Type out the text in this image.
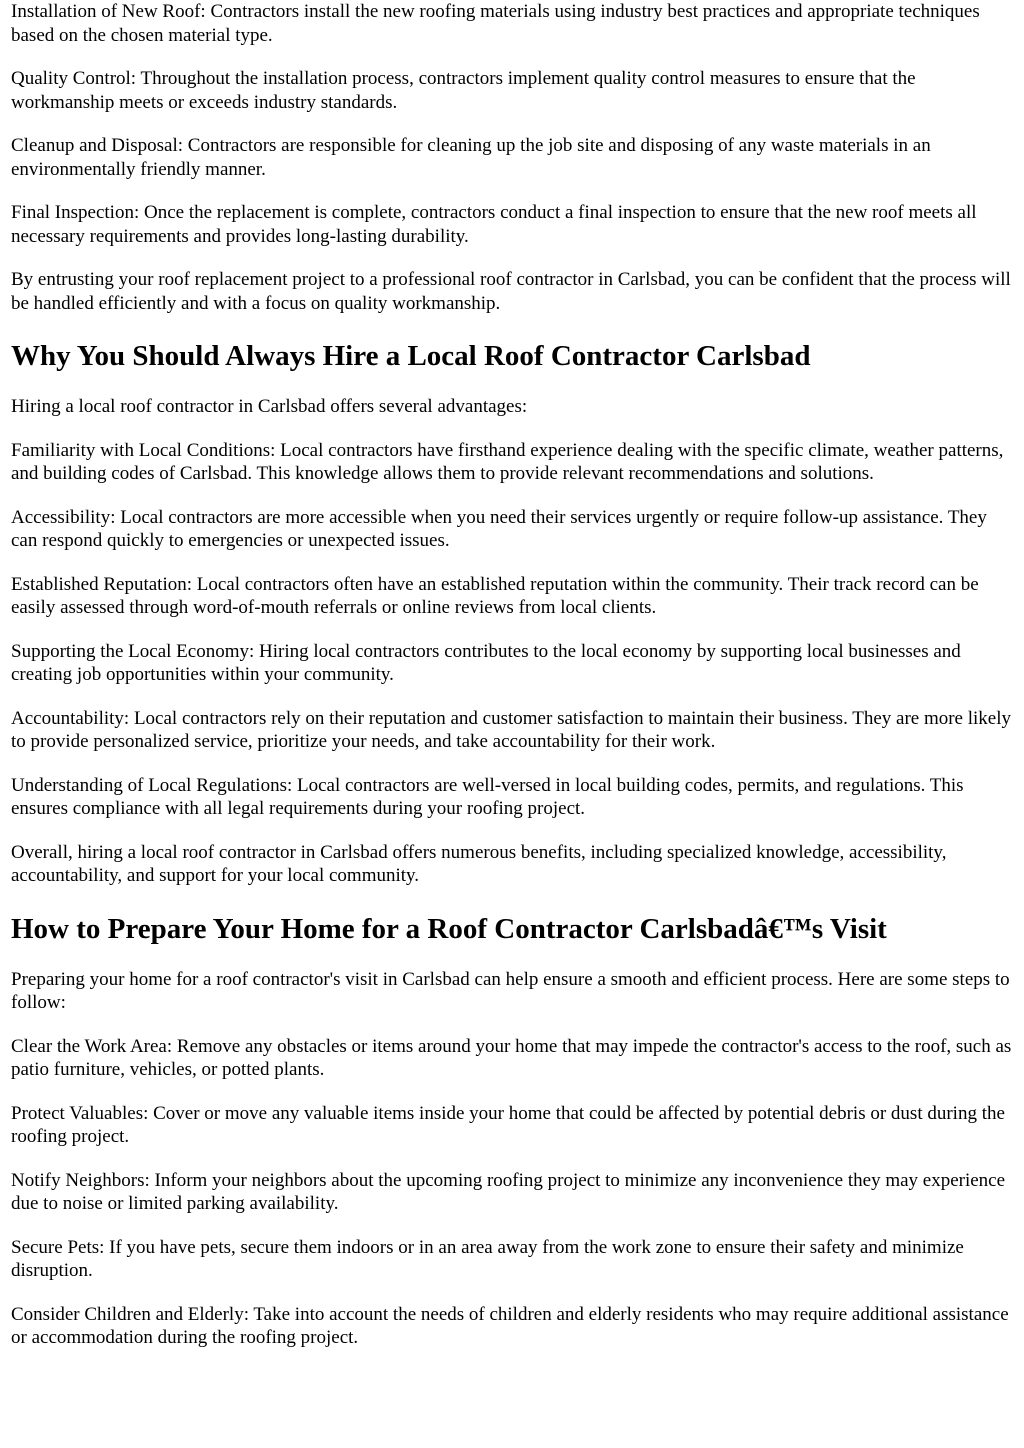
Installation of New Roof: Contractors install the new roofing materials using industry best practices and appropriate techniques based on the chosen material type.

Quality Control: Throughout the installation process, contractors implement quality control measures to ensure that the workmanship meets or exceeds industry standards.

Cleanup and Disposal: Contractors are responsible for cleaning up the job site and disposing of any waste materials in an environmentally friendly manner.

Final Inspection: Once the replacement is complete, contractors conduct a final inspection to ensure that the new roof meets all necessary requirements and provides long-lasting durability.

By entrusting your roof replacement project to a professional roof contractor in Carlsbad, you can be confident that the process will be handled efficiently and with a focus on quality workmanship.

Why You Should Always Hire a Local Roof Contractor Carlsbad

Hiring a local roof contractor in Carlsbad offers several advantages:

Familiarity with Local Conditions: Local contractors have firsthand experience dealing with the specific climate, weather patterns, and building codes of Carlsbad. This knowledge allows them to provide relevant recommendations and solutions.

Accessibility: Local contractors are more accessible when you need their services urgently or require follow-up assistance. They can respond quickly to emergencies or unexpected issues.

Established Reputation: Local contractors often have an established reputation within the community. Their track record can be easily assessed through word-of-mouth referrals or online reviews from local clients.

Supporting the Local Economy: Hiring local contractors contributes to the local economy by supporting local businesses and creating job opportunities within your community.

Accountability: Local contractors rely on their reputation and customer satisfaction to maintain their business. They are more likely to provide personalized service, prioritize your needs, and take accountability for their work.

Understanding of Local Regulations: Local contractors are well-versed in local building codes, permits, and regulations. This ensures compliance with all legal requirements during your roofing project.

Overall, hiring a local roof contractor in Carlsbad offers numerous benefits, including specialized knowledge, accessibility, accountability, and support for your local community.

How to Prepare Your Home for a Roof Contractor Carlsbadâ€™s Visit

Preparing your home for a roof contractor's visit in Carlsbad can help ensure a smooth and efficient process. Here are some steps to follow:

Clear the Work Area: Remove any obstacles or items around your home that may impede the contractor's access to the roof, such as patio furniture, vehicles, or potted plants.

Protect Valuables: Cover or move any valuable items inside your home that could be affected by potential debris or dust during the roofing project.

Notify Neighbors: Inform your neighbors about the upcoming roofing project to minimize any inconvenience they may experience due to noise or limited parking availability.

Secure Pets: If you have pets, secure them indoors or in an area away from the work zone to ensure their safety and minimize disruption.

Consider Children and Elderly: Take into account the needs of children and elderly residents who may require additional assistance or accommodation during the roofing project.
